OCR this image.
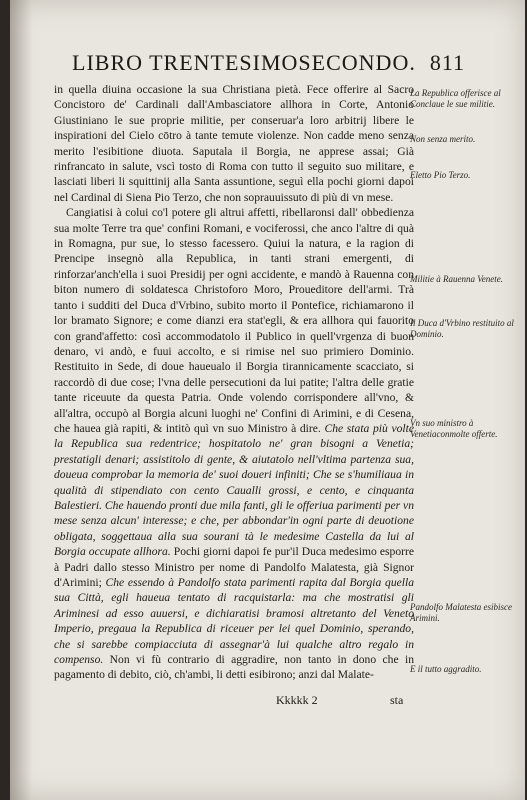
LIBRO TRENTESIMOSECONDO. 811

in quella diuina occasione la sua Christiana pietà. Fece offerire al Sacro Concistoro de' Cardinali dall'Ambasciatore allhora in Corte, Antonio Giustiniano le sue proprie militie, per conseruar'a loro arbitrij libere le inspirationi del Cielo cōtro à tante temute violenze. Non cadde meno senza merito l'esibitione diuota. Saputala il Borgia, ne apprese assai; Già rinfrancato in salute, vscì tosto di Roma con tutto il seguito suo militare, e lasciati liberi li squittinij alla Santa assuntione, seguì ella pochi giorni dapoi nel Cardinal di Siena Pio Terzo, che non soprauuissuto di più di vn mese.

Cangiatisi à colui co'l potere gli altrui affetti, ribellaronsi dall' obbedienza sua molte Terre tra que' confini Romani, e vociferossi, che anco l'altre di quà in Romagna, pur sue, lo stesso facessero. Quiui la natura, e la ragion di Prencipe insegnò alla Republica, in tanti strani emergenti, di rinforzar'anch'ella i suoi Presidij per ogni accidente, e mandò à Rauenna con biton numero di soldatesca Christoforo Moro, Proueditore dell'armi. Trà tanto i sudditi del Duca d'Vrbino, subito morto il Pontefice, richiamarono il lor bramato Signore; e come dianzi era stat'egli, & era allhora qui fauorito con grand'affetto: così accommodatolo il Publico in quell'vrgenza di buon denaro, vi andò, e fuui accolto, e si rimise nel suo primiero Dominio. Restituito in Sede, di doue haueualo il Borgia tirannicamente scacciato, si raccordò di due cose; l'vna delle persecutioni da lui patite; l'altra delle gratie tante riceuute da questa Patria. Onde volendo corrispondere all'vno, & all'altra, occupò al Borgia alcuni luoghi ne' Confini di Arimini, e di Cesena, che hauea già rapiti, & intitò quì vn suo Ministro à dire. Che stata più volte la Republica sua redentrice; hospitatolo ne' gran bisogni a Venetia; prestatigli denari; assistitolo di gente, & aiutatolo nell'vltima partenza sua, doueua comprobar la memoria de' suoi doueri infiniti; Che se s'humiliaua in qualità di stipendiato con cento Caualli grossi, e cento, e cinquanta Balestieri. Che hauendo pronti due mila fanti, gli le offeriua parimenti per vn mese senza alcun' interesse; e che, per abbondar'in ogni parte di deuotione obligata, soggettaua alla sua sourani tà le medesime Castella da lui al Borgia occupate allhora. Pochi giorni dapoi fe pur'il Duca medesimo esporre à Padri dallo stesso Ministro per nome di Pandolfo Malatesta, già Signor d'Arimini; Che essendo à Pandolfo stata parimenti rapita dal Borgia quella sua Città, egli haueua tentato di racquistarla: ma che mostratisi gli Ariminesi ad esso auuersi, e dichiaratisi bramosi altretanto del Veneto Imperio, pregaua la Republica di riceuer per lei quel Dominio, sperando, che si sarebbe compiacciuta di assegnar'à lui qualche altro regalo in compenso. Non vi fù contrario di aggradire, non tanto in dono che in pagamento di debito, ciò, ch'ambi, li detti esibirono; anzi dal Malate-

La Republica offerisce al Conclaue le sue militie.
Non senza merito.
Eletto Pio Terzo.
Militie à Rauenna Venete.
Il Duca d'Vrbino restituito al Dominio.
Vn suo ministro à Venetiaconmolte offerte.
Pandolfo Malatesta esibisce Arimini.
E il tutto aggradito.
Kkkkk 2	sta
